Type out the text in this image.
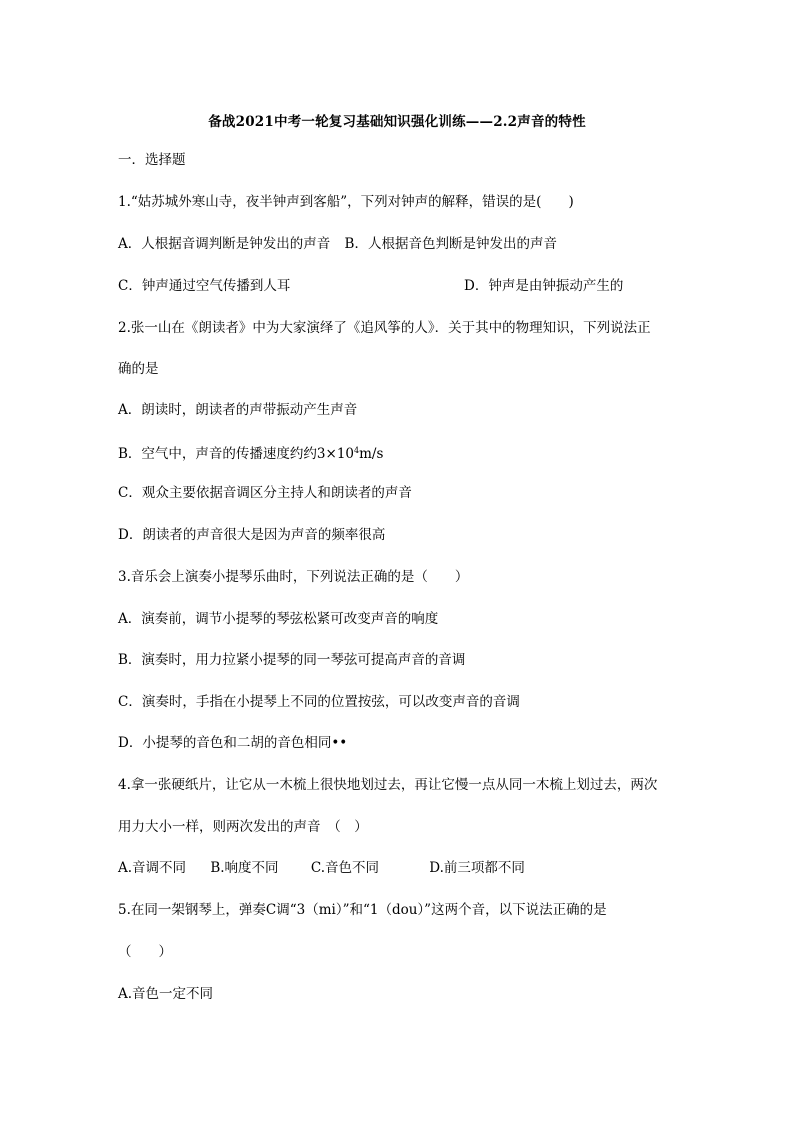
备战2021中考一轮复习基础知识强化训练——2.2声音的特性
一．选择题
1.“姑苏城外寒山寺，夜半钟声到客船”，下列对钟声的解释，错误的是(　　)
A．人根据音调判断是钟发出的声音 B．人根据音色判断是钟发出的声音
C．钟声通过空气传播到人耳	D．钟声是由钟振动产生的
2.张一山在《朗读者》中为大家演绎了《追风筝的人》．关于其中的物理知识，下列说法正
确的是
A．朗读时，朗读者的声带振动产生声音
B．空气中，声音的传播速度约约$3\times 10^4m/s$
C．观众主要依据音调区分主持人和朗读者的声音
D．朗读者的声音很大是因为声音的频率很高
3.音乐会上演奏小提琴乐曲时，下列说法正确的是（　　）
A．演奏前，调节小提琴的琴弦松紧可改变声音的响度
B．演奏时，用力拉紧小提琴的同一琴弦可提高声音的音调
C．演奏时，手指在小提琴上不同的位置按弦，可以改变声音的音调
D．小提琴的音色和二胡的音色相同••
4.拿一张硬纸片，让它从一木梳上很快地划过去，再让它慢一点从同一木梳上划过去，两次
用力大小一样，则两次发出的声音　（　）
A.音调不同 B.响度不同 C.音色不同	D.前三项都不同
5.在同一架钢琴上，弹奏C调“3（mi）”和“1（dou）”这两个音，以下说法正确的是
（　　）
A.音色一定不同
